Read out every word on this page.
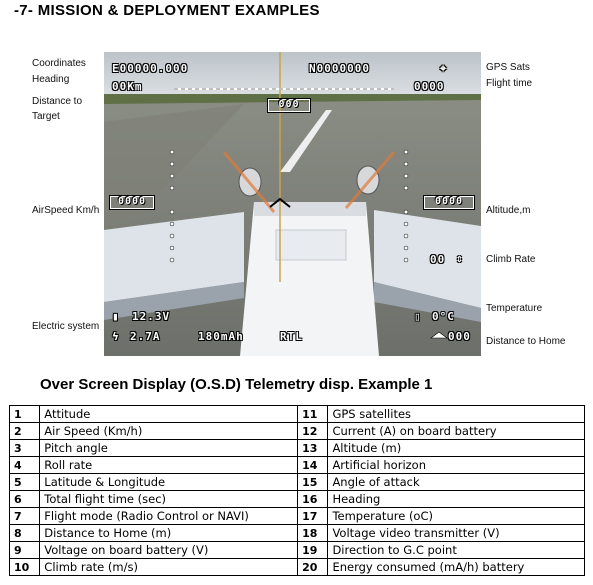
-7- MISSION & DEPLOYMENT EXAMPLES
Coordinates
Heading
Distance to Target
AirSpeed Km/h
Electric system
GPS Sats
Flight time
Altitude,m
Climb Rate
Temperature
Distance to Home
E00000.000	N0000000	⌖
00Km	0000
000
0000	0000
00 ⇕
▮ 12.3V	▯ 0°C
ϟ 2.7A	180mAh	RTL	000
Over Screen Display (O.S.D) Telemetry disp. Example 1
1	Attitude	11	GPS satellites
2	Air Speed (Km/h)	12	Current (A) on board battery
3	Pitch angle	13	Altitude (m)
4	Roll rate	14	Artificial horizon
5	Latitude & Longitude	15	Angle of attack
6	Total flight time (sec)	16	Heading
7	Flight mode (Radio Control or NAVI)	17	Temperature (oC)
8	Distance to Home (m)	18	Voltage video transmitter (V)
9	Voltage on board battery (V)	19	Direction to G.C point
10	Climb rate (m/s)	20	Energy consumed (mA/h) battery
